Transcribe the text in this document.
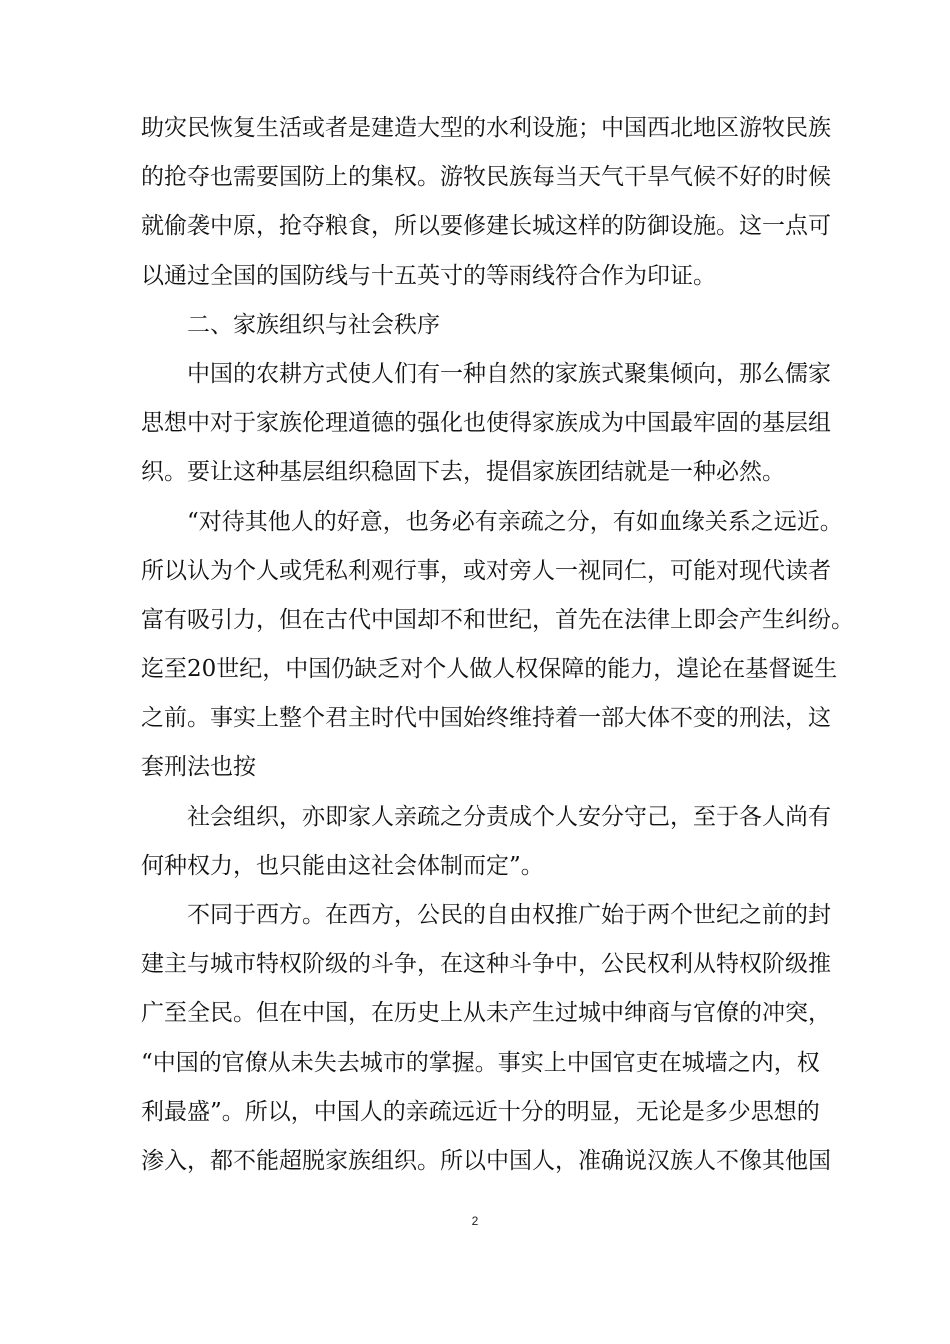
助灾民恢复生活或者是建造大型的水利设施；中国西北地区游牧民族
的抢夺也需要国防上的集权。游牧民族每当天气干旱气候不好的时候
就偷袭中原，抢夺粮食，所以要修建长城这样的防御设施。这一点可
以通过全国的国防线与十五英寸的等雨线符合作为印证。
　　二、家族组织与社会秩序
　　中国的农耕方式使人们有一种自然的家族式聚集倾向，那么儒家
思想中对于家族伦理道德的强化也使得家族成为中国最牢固的基层组
织。要让这种基层组织稳固下去，提倡家族团结就是一种必然。
　　“对待其他人的好意，也务必有亲疏之分，有如血缘关系之远近。
所以认为个人或凭私利观行事，或对旁人一视同仁，可能对现代读者
富有吸引力，但在古代中国却不和世纪，首先在法律上即会产生纠纷。
迄至20世纪，中国仍缺乏对个人做人权保障的能力，遑论在基督诞生
之前。事实上整个君主时代中国始终维持着一部大体不变的刑法，这
套刑法也按
　　社会组织，亦即家人亲疏之分责成个人安分守己，至于各人尚有
何种权力，也只能由这社会体制而定”。
　　不同于西方。在西方，公民的自由权推广始于两个世纪之前的封
建主与城市特权阶级的斗争，在这种斗争中，公民权利从特权阶级推
广至全民。但在中国，在历史上从未产生过城中绅商与官僚的冲突，
“中国的官僚从未失去城市的掌握。事实上中国官吏在城墙之内，权
利最盛”。所以，中国人的亲疏远近十分的明显，无论是多少思想的
渗入，都不能超脱家族组织。所以中国人，准确说汉族人不像其他国
2
